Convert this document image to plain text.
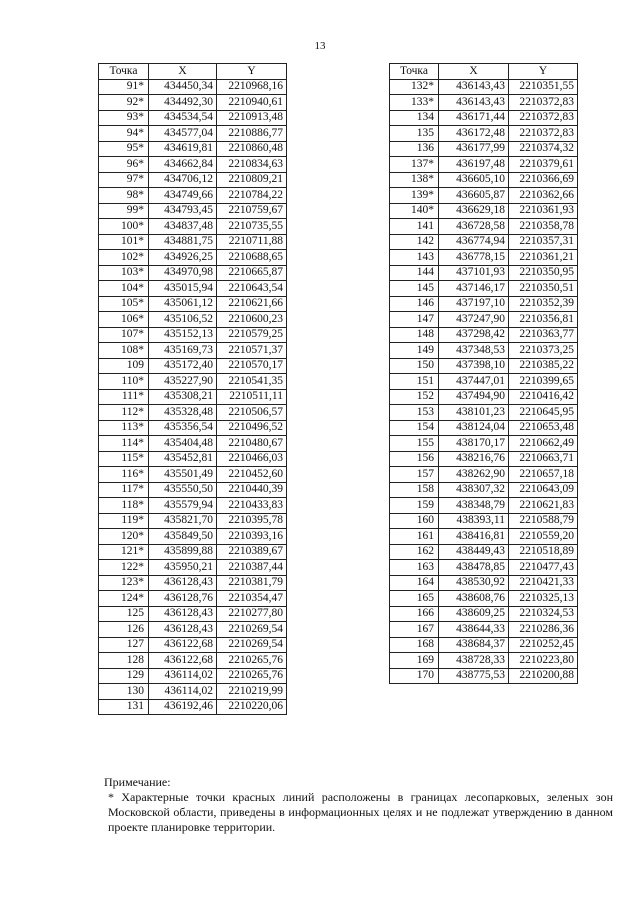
13
Точка	X	Y
91*	434450,34	2210968,16
92*	434492,30	2210940,61
93*	434534,54	2210913,48
94*	434577,04	2210886,77
95*	434619,81	2210860,48
96*	434662,84	2210834,63
97*	434706,12	2210809,21
98*	434749,66	2210784,22
99*	434793,45	2210759,67
100*	434837,48	2210735,55
101*	434881,75	2210711,88
102*	434926,25	2210688,65
103*	434970,98	2210665,87
104*	435015,94	2210643,54
105*	435061,12	2210621,66
106*	435106,52	2210600,23
107*	435152,13	2210579,25
108*	435169,73	2210571,37
109	435172,40	2210570,17
110*	435227,90	2210541,35
111*	435308,21	2210511,11
112*	435328,48	2210506,57
113*	435356,54	2210496,52
114*	435404,48	2210480,67
115*	435452,81	2210466,03
116*	435501,49	2210452,60
117*	435550,50	2210440,39
118*	435579,94	2210433,83
119*	435821,70	2210395,78
120*	435849,50	2210393,16
121*	435899,88	2210389,67
122*	435950,21	2210387,44
123*	436128,43	2210381,79
124*	436128,76	2210354,47
125	436128,43	2210277,80
126	436128,43	2210269,54
127	436122,68	2210269,54
128	436122,68	2210265,76
129	436114,02	2210265,76
130	436114,02	2210219,99
131	436192,46	2210220,06
Точка	X	Y
132*	436143,43	2210351,55
133*	436143,43	2210372,83
134	436171,44	2210372,83
135	436172,48	2210372,83
136	436177,99	2210374,32
137*	436197,48	2210379,61
138*	436605,10	2210366,69
139*	436605,87	2210362,66
140*	436629,18	2210361,93
141	436728,58	2210358,78
142	436774,94	2210357,31
143	436778,15	2210361,21
144	437101,93	2210350,95
145	437146,17	2210350,51
146	437197,10	2210352,39
147	437247,90	2210356,81
148	437298,42	2210363,77
149	437348,53	2210373,25
150	437398,10	2210385,22
151	437447,01	2210399,65
152	437494,90	2210416,42
153	438101,23	2210645,95
154	438124,04	2210653,48
155	438170,17	2210662,49
156	438216,76	2210663,71
157	438262,90	2210657,18
158	438307,32	2210643,09
159	438348,79	2210621,83
160	438393,11	2210588,79
161	438416,81	2210559,20
162	438449,43	2210518,89
163	438478,85	2210477,43
164	438530,92	2210421,33
165	438608,76	2210325,13
166	438609,25	2210324,53
167	438644,33	2210286,36
168	438684,37	2210252,45
169	438728,33	2210223,80
170	438775,53	2210200,88
Примечание:
* Характерные точки красных линий расположены в границах лесопарковых, зеленых зон Московской области, приведены в информационных целях и не подлежат утверждению в данном проекте планировке территории.
